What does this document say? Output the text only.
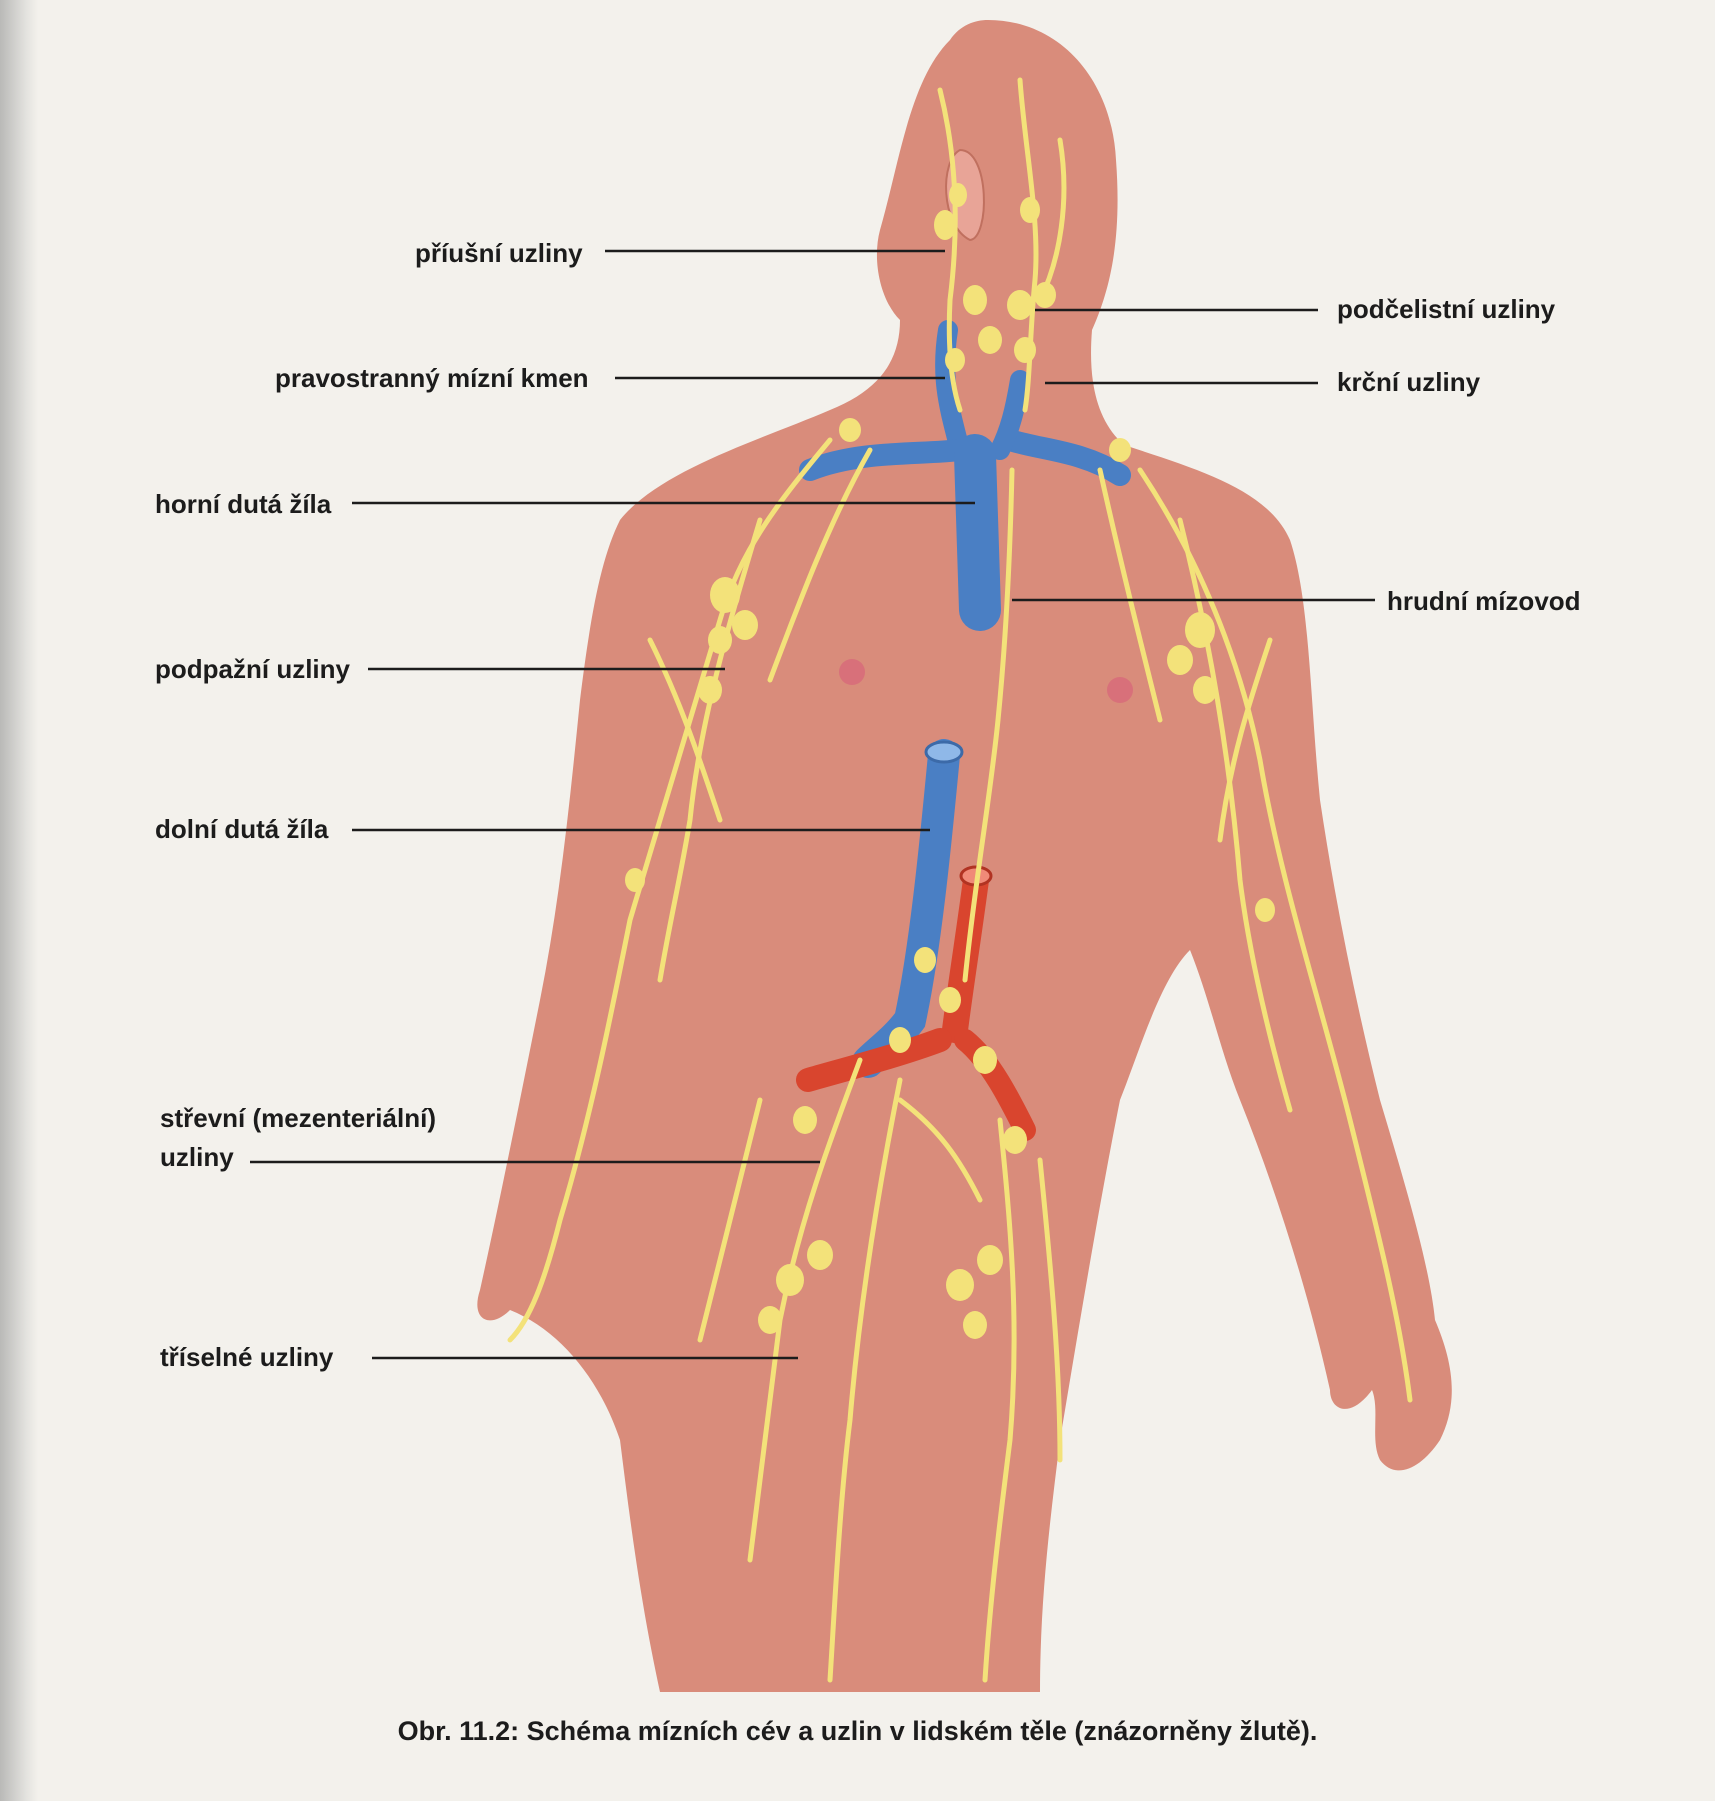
příušní uzliny
podčelistní uzliny
pravostranný mízní kmen	krční uzliny
horní dutá žíla
hrudní mízovod
podpažní uzliny
dolní dutá žíla
střevní (mezenteriální)
uzliny
tříselné uzliny
Obr. 11.2: Schéma mízních cév a uzlin v lidském těle (znázorněny žlutě).
